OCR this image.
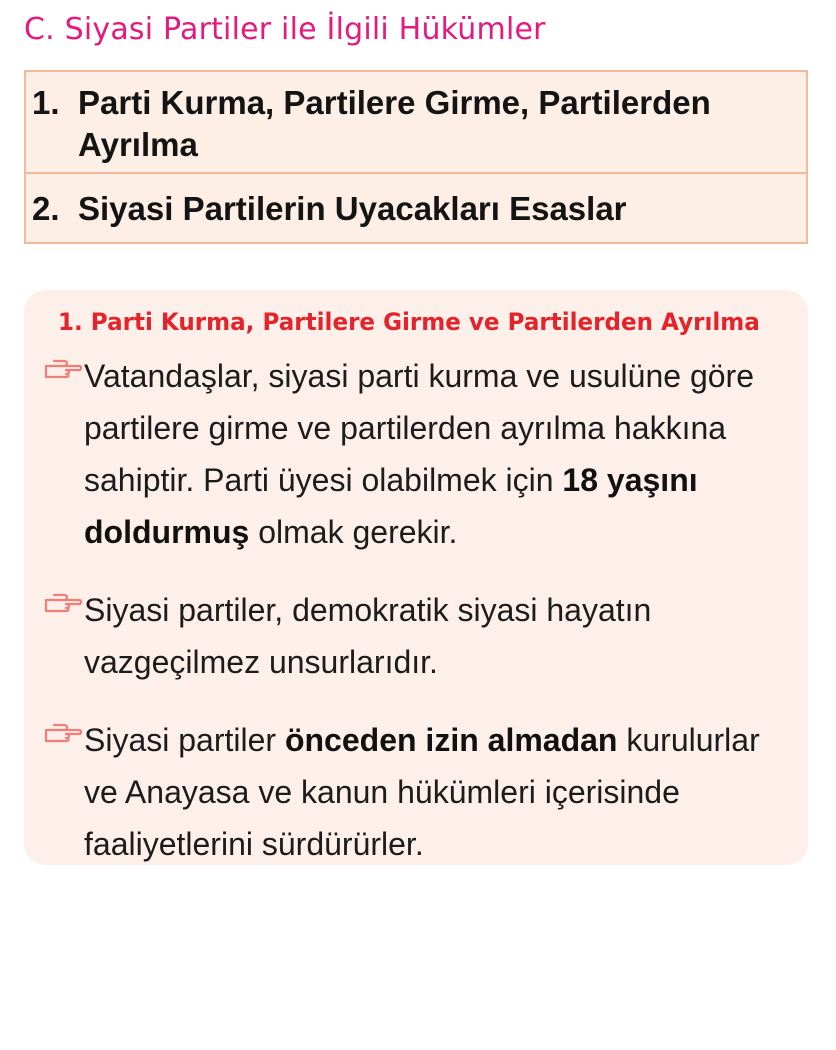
C. Siyasi Partiler ile İlgili Hükümler
1. Parti Kurma, Partilere Girme, Partilerden Ayrılma
2. Siyasi Partilerin Uyacakları Esaslar
1. Parti Kurma, Partilere Girme ve Partilerden Ayrılma
Vatandaşlar, siyasi parti kurma ve usulüne göre partilere girme ve partilerden ayrılma hakkına sahiptir. Parti üyesi olabilmek için 18 yaşını doldurmuş olmak gerekir.
Siyasi partiler, demokratik siyasi hayatın vazgeçilmez unsurlarıdır.
Siyasi partiler önceden izin almadan kurulurlar ve Anayasa ve kanun hükümleri içerisinde faaliyetlerini sürdürürler.
